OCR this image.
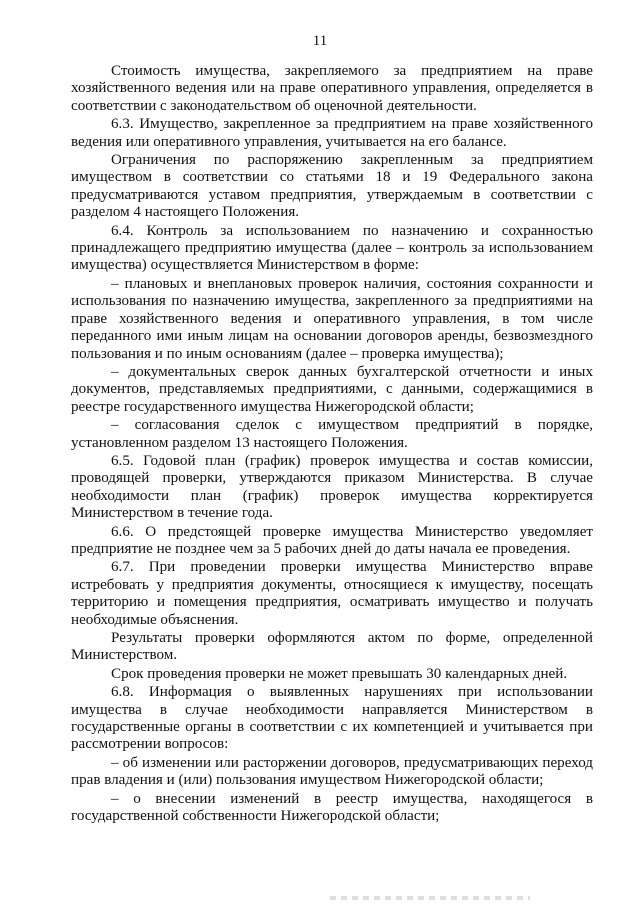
11

Стоимость имущества, закрепляемого за предприятием на праве хозяйственного ведения или на праве оперативного управления, определяется в соответствии с законодательством об оценочной деятельности.

6.3. Имущество, закрепленное за предприятием на праве хозяйственного ведения или оперативного управления, учитывается на его балансе.

Ограничения по распоряжению закрепленным за предприятием имуществом в соответствии со статьями 18 и 19 Федерального закона предусматриваются уставом предприятия, утверждаемым в соответствии с разделом 4 настоящего Положения.

6.4. Контроль за использованием по назначению и сохранностью принадлежащего предприятию имущества (далее – контроль за использованием имущества) осуществляется Министерством в форме:

– плановых и внеплановых проверок наличия, состояния сохранности и использования по назначению имущества, закрепленного за предприятиями на праве хозяйственного ведения и оперативного управления, в том числе переданного ими иным лицам на основании договоров аренды, безвозмездного пользования и по иным основаниям (далее – проверка имущества);

– документальных сверок данных бухгалтерской отчетности и иных документов, представляемых предприятиями, с данными, содержащимися в реестре государственного имущества Нижегородской области;

– согласования сделок с имуществом предприятий в порядке, установленном разделом 13 настоящего Положения.

6.5. Годовой план (график) проверок имущества и состав комиссии, проводящей проверки, утверждаются приказом Министерства. В случае необходимости план (график) проверок имущества корректируется Министерством в течение года.

6.6. О предстоящей проверке имущества Министерство уведомляет предприятие не позднее чем за 5 рабочих дней до даты начала ее проведения.

6.7. При проведении проверки имущества Министерство вправе истребовать у предприятия документы, относящиеся к имуществу, посещать территорию и помещения предприятия, осматривать имущество и получать необходимые объяснения.

Результаты проверки оформляются актом по форме, определенной Министерством.

Срок проведения проверки не может превышать 30 календарных дней.

6.8. Информация о выявленных нарушениях при использовании имущества в случае необходимости направляется Министерством в государственные органы в соответствии с их компетенцией и учитывается при рассмотрении вопросов:

– об изменении или расторжении договоров, предусматривающих переход прав владения и (или) пользования имуществом Нижегородской области;

– о внесении изменений в реестр имущества, находящегося в государственной собственности Нижегородской области;
